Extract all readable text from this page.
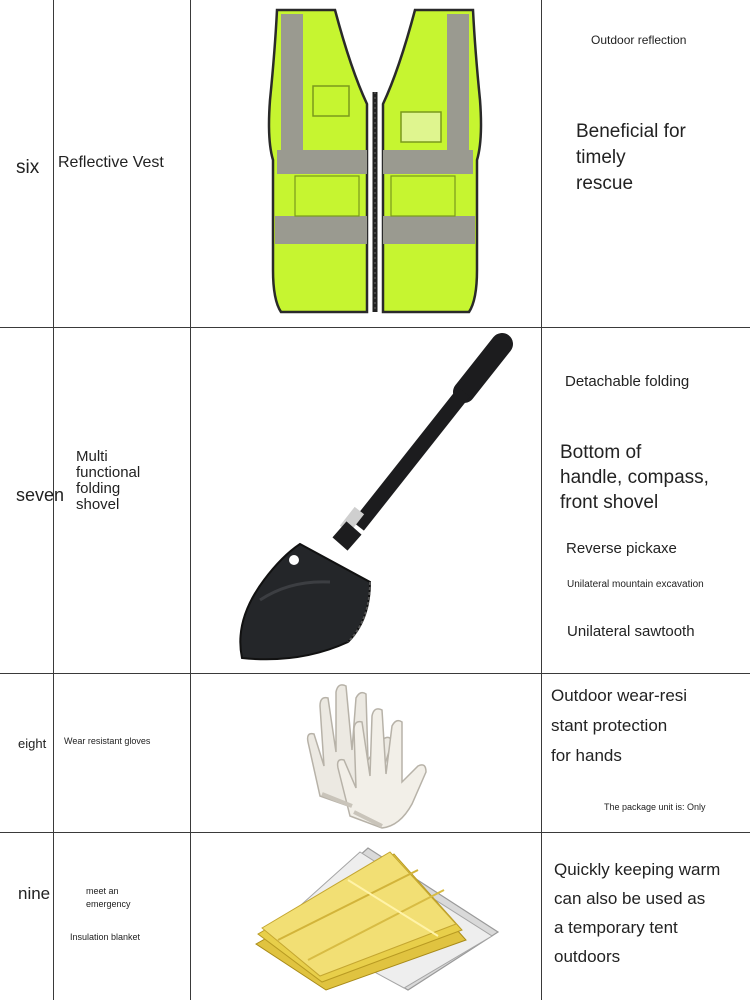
six Reflective Vest
Outdoor reflection
Beneficial for
timely
rescue
seven
Multi
functional
folding
shovel
Detachable folding
Bottom of
handle, compass,
front shovel
Reverse pickaxe
Unilateral mountain excavation
Unilateral sawtooth
eight Wear resistant gloves
Outdoor wear-resi
stant protection
for hands
The package unit is: Only
nine	meet an
emergency
Insulation blanket
Quickly keeping warm
can also be used as
a temporary tent
outdoors
